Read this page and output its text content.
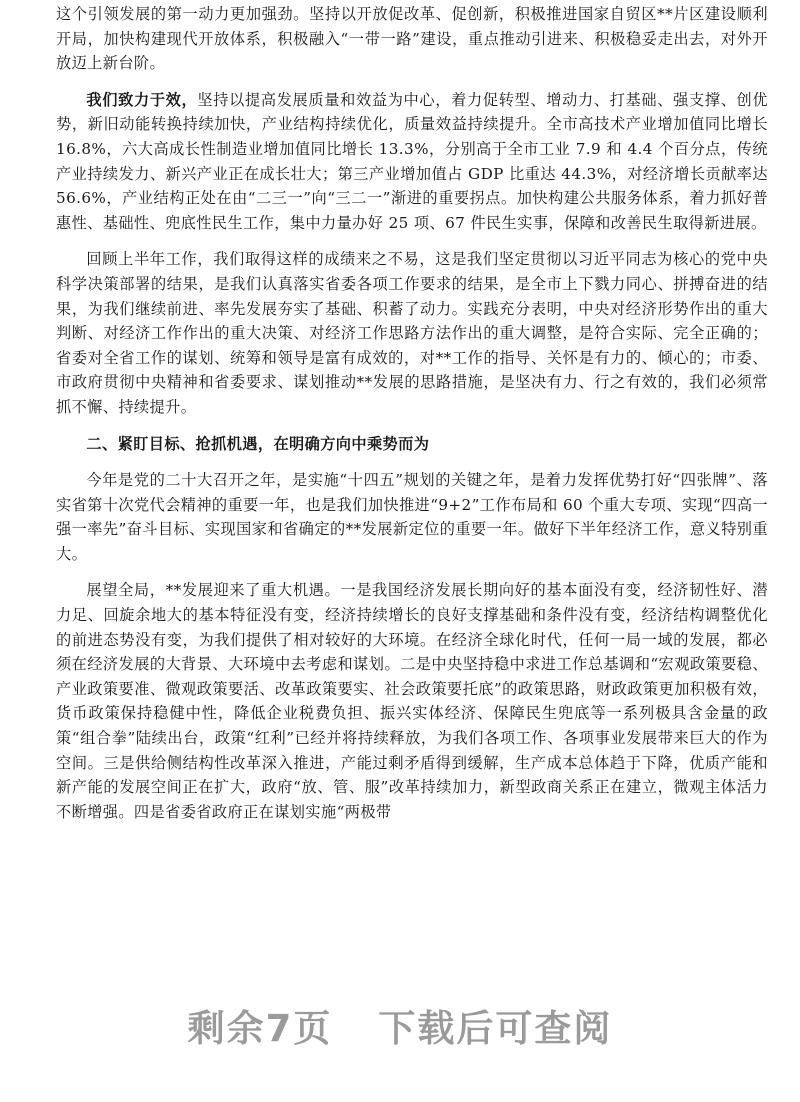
这个引领发展的第一动力更加强劲。坚持以开放促改革、促创新，积极推进国家自贸区**片区建设顺利开局，加快构建现代开放体系，积极融入“一带一路”建设，重点推动引进来、积极稳妥走出去，对外开放迈上新台阶。

我们致力于效，坚持以提高发展质量和效益为中心，着力促转型、增动力、打基础、强支撑、创优势，新旧动能转换持续加快，产业结构持续优化，质量效益持续提升。全市高技术产业增加值同比增长 16.8%，六大高成长性制造业增加值同比增长 13.3%，分别高于全市工业 7.9 和 4.4 个百分点，传统产业持续发力、新兴产业正在成长壮大；第三产业增加值占 GDP 比重达 44.3%，对经济增长贡献率达 56.6%，产业结构正处在由“二三一”向“三二一”渐进的重要拐点。加快构建公共服务体系，着力抓好普惠性、基础性、兜底性民生工作，集中力量办好 25 项、67 件民生实事，保障和改善民生取得新进展。

回顾上半年工作，我们取得这样的成绩来之不易，这是我们坚定贯彻以习近平同志为核心的党中央科学决策部署的结果，是我们认真落实省委各项工作要求的结果，是全市上下戮力同心、拼搏奋进的结果，为我们继续前进、率先发展夯实了基础、积蓄了动力。实践充分表明，中央对经济形势作出的重大判断、对经济工作作出的重大决策、对经济工作思路方法作出的重大调整，是符合实际、完全正确的；省委对全省工作的谋划、统筹和领导是富有成效的，对**工作的指导、关怀是有力的、倾心的；市委、市政府贯彻中央精神和省委要求、谋划推动**发展的思路措施，是坚决有力、行之有效的，我们必须常抓不懈、持续提升。

二、紧盯目标、抢抓机遇，在明确方向中乘势而为

今年是党的二十大召开之年，是实施“十四五”规划的关键之年，是着力发挥优势打好“四张牌”、落实省第十次党代会精神的重要一年，也是我们加快推进“9+2”工作布局和 60 个重大专项、实现“四高一强一率先”奋斗目标、实现国家和省确定的**发展新定位的重要一年。做好下半年经济工作，意义特别重大。

展望全局，**发展迎来了重大机遇。一是我国经济发展长期向好的基本面没有变，经济韧性好、潜力足、回旋余地大的基本特征没有变，经济持续增长的良好支撑基础和条件没有变，经济结构调整优化的前进态势没有变，为我们提供了相对较好的大环境。在经济全球化时代，任何一局一域的发展，都必须在经济发展的大背景、大环境中去考虑和谋划。二是中央坚持稳中求进工作总基调和“宏观政策要稳、产业政策要准、微观政策要活、改革政策要实、社会政策要托底”的政策思路，财政政策更加积极有效，货币政策保持稳健中性，降低企业税费负担、振兴实体经济、保障民生兜底等一系列极具含金量的政策“组合拳”陆续出台，政策“红利”已经并将持续释放，为我们各项工作、各项事业发展带来巨大的作为空间。三是供给侧结构性改革深入推进，产能过剩矛盾得到缓解，生产成本总体趋于下降，优质产能和新产能的发展空间正在扩大，政府“放、管、服”改革持续加力，新型政商关系正在建立，微观主体活力不断增强。四是省委省政府正在谋划实施“两极带

剩余7页 下载后可查阅
